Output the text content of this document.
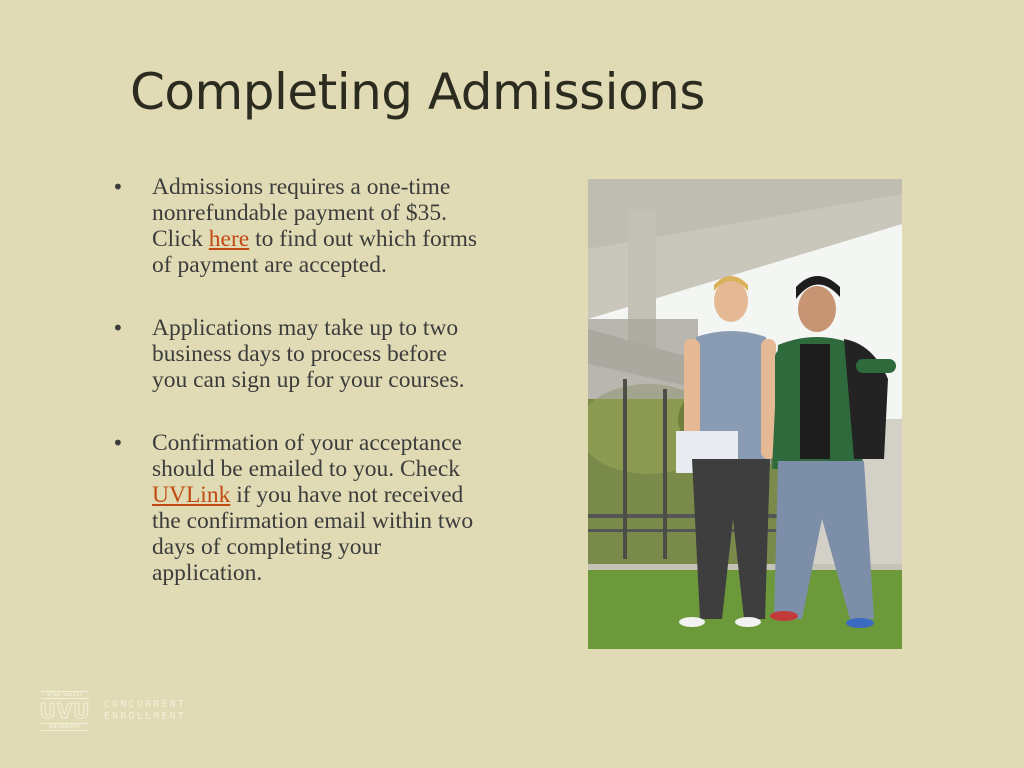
Completing Admissions
• Admissions requires a one-time nonrefundable payment of $35. Click here to find out which forms of payment are accepted.
• Applications may take up to two business days to process before you can sign up for your courses.
• Confirmation of your acceptance should be emailed to you. Check UVLink if you have not received the confirmation email within two days of completing your application.
UTAH VALLEY
UVU
UNIVERSITY
CONCURRENT
ENROLLMENT
